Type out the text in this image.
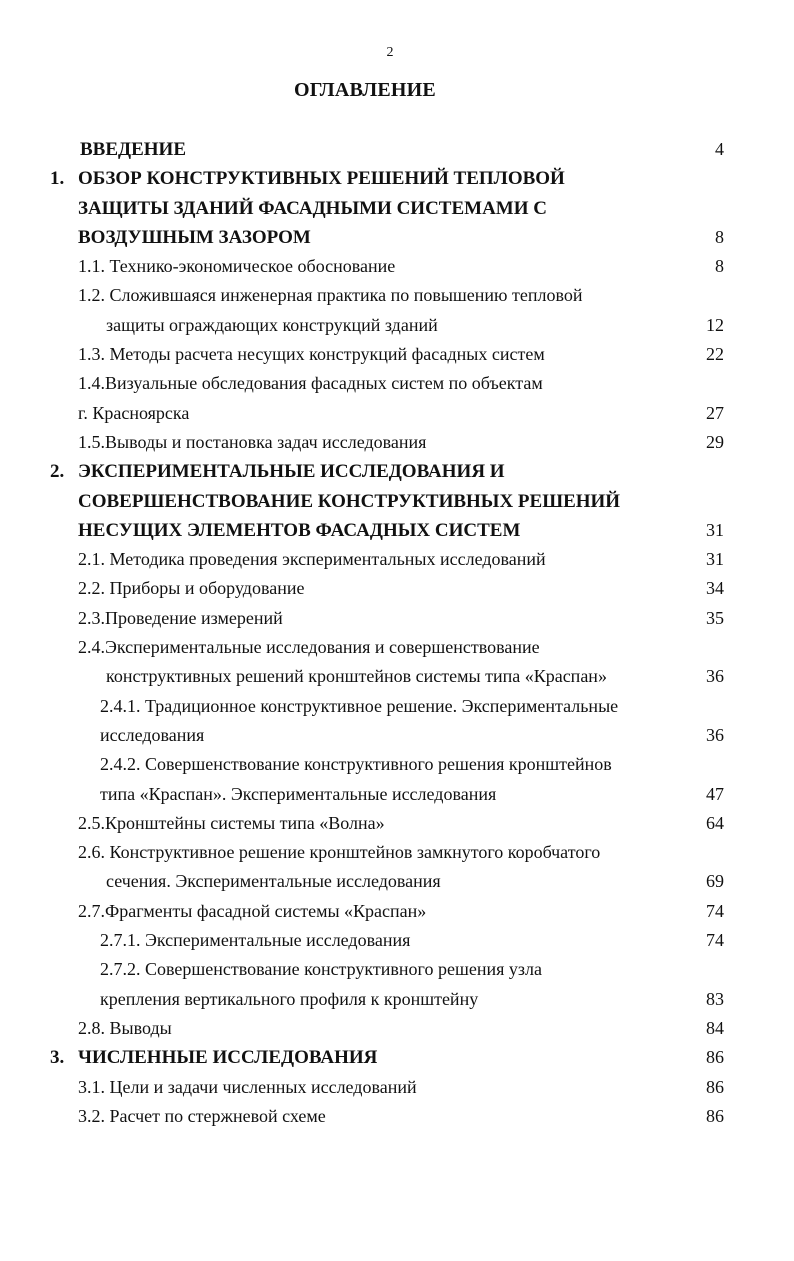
2
ОГЛАВЛЕНИЕ
ВВЕДЕНИЕ	4
1. ОБЗОР КОНСТРУКТИВНЫХ РЕШЕНИЙ ТЕПЛОВОЙ
ЗАЩИТЫ ЗДАНИЙ ФАСАДНЫМИ СИСТЕМАМИ С
ВОЗДУШНЫМ ЗАЗОРОМ	8
1.1. Технико-экономическое обоснование	8
1.2. Сложившаяся инженерная практика по повышению тепловой
защиты ограждающих конструкций зданий	12
1.3. Методы расчета несущих конструкций фасадных систем	22
1.4.Визуальные обследования фасадных систем по объектам
г. Красноярска	27
1.5.Выводы и постановка задач исследования	29
2. ЭКСПЕРИМЕНТАЛЬНЫЕ ИССЛЕДОВАНИЯ И
СОВЕРШЕНСТВОВАНИЕ КОНСТРУКТИВНЫХ РЕШЕНИЙ
НЕСУЩИХ ЭЛЕМЕНТОВ ФАСАДНЫХ СИСТЕМ	31
2.1. Методика проведения экспериментальных исследований	31
2.2. Приборы и оборудование	34
2.3.Проведение измерений	35
2.4.Экспериментальные исследования и совершенствование
конструктивных решений кронштейнов системы типа «Краспан»	36
2.4.1. Традиционное конструктивное решение. Экспериментальные
исследования	36
2.4.2. Совершенствование конструктивного решения кронштейнов
типа «Краспан». Экспериментальные исследования	47
2.5.Кронштейны системы типа «Волна»	64
2.6. Конструктивное решение кронштейнов замкнутого коробчатого
сечения. Экспериментальные исследования	69
2.7.Фрагменты фасадной системы «Краспан»	74
2.7.1. Экспериментальные исследования	74
2.7.2. Совершенствование конструктивного решения узла
крепления вертикального профиля к кронштейну	83
2.8. Выводы	84
3. ЧИСЛЕННЫЕ ИССЛЕДОВАНИЯ	86
3.1. Цели и задачи численных исследований	86
3.2. Расчет по стержневой схеме	86
